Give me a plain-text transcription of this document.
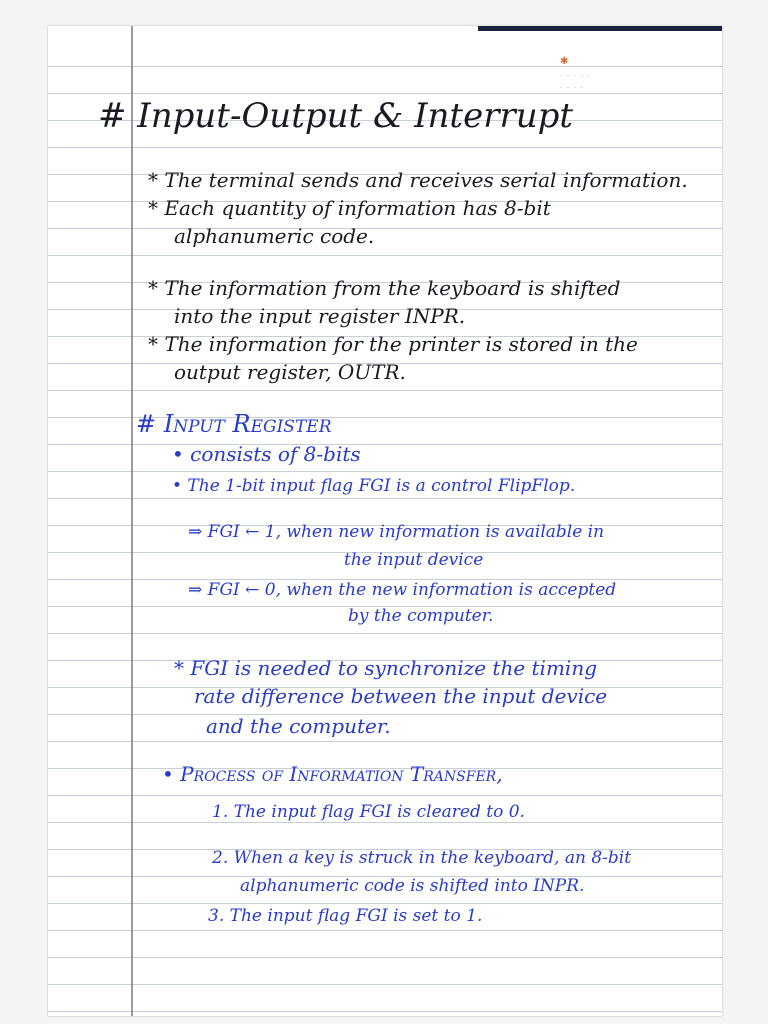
✱
- - - - -
- - - -
# Input-Output & Interrupt
* The terminal sends and receives serial information.
* Each quantity of information has 8-bit
alphanumeric code.
* The information from the keyboard is shifted
into the input register INPR.
* The information for the printer is stored in the
output register, OUTR.
# Input Register
• consists of 8-bits
• The 1-bit input flag FGI is a control FlipFlop.
⇒ FGI ← 1, when new information is available in
the input device
⇒ FGI ← 0, when the new information is accepted
by the computer.
* FGI is needed to synchronize the timing
rate difference between the input device
and the computer.
• Process of Information Transfer,
1. The input flag FGI is cleared to 0.
2. When a key is struck in the keyboard, an 8-bit
alphanumeric code is shifted into INPR.
3. The input flag FGI is set to 1.
